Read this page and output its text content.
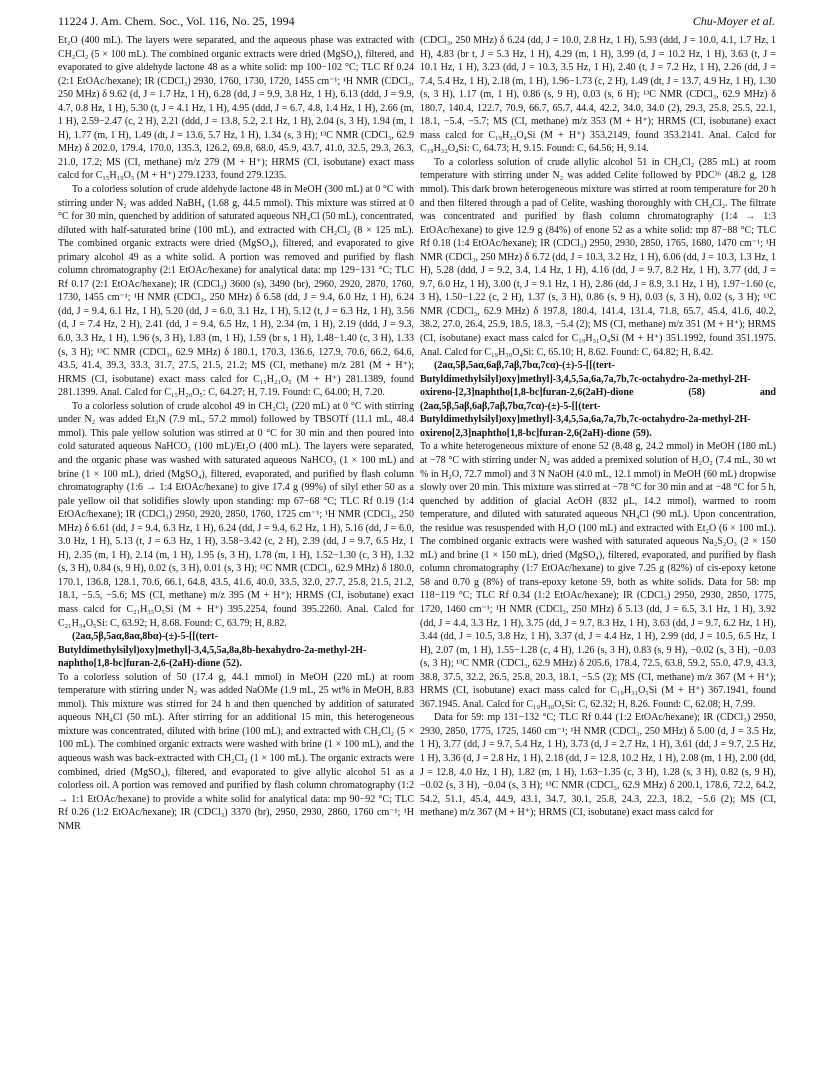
11224 J. Am. Chem. Soc., Vol. 116, No. 25, 1994	Chu-Moyer et al.

Et₂O (400 mL). The layers were separated, and the aqueous phase was extracted with CH₂Cl₂ (5 × 100 mL). The combined organic extracts were dried (MgSO₄), filtered, and evaporated to give aldehyde lactone 48 as a white solid: mp 100−102 °C; TLC Rf 0.24 (2:1 EtOAc/hexane); IR (CDCl₃) 2930, 1760, 1730, 1720, 1455 cm⁻¹; ¹H NMR (CDCl₃, 250 MHz) δ 9.62 (d, J = 1.7 Hz, 1 H), 6.28 (dd, J = 9.9, 3.8 Hz, 1 H), 6.13 (ddd, J = 9.9, 4.7, 0.8 Hz, 1 H), 5.30 (t, J = 4.1 Hz, 1 H), 4.95 (ddd, J = 6.7, 4.8, 1.4 Hz, 1 H), 2.66 (m, 1 H), 2.59−2.47 (c, 2 H), 2.21 (ddd, J = 13.8, 5.2, 2.1 Hz, 1 H), 2.04 (s, 3 H), 1.94 (m, 1 H), 1.77 (m, 1 H), 1.49 (dt, J = 13.6, 5.7 Hz, 1 H), 1.34 (s, 3 H); ¹³C NMR (CDCl₃, 62.9 MHz) δ 202.0, 179.4, 170.0, 135.3, 126.2, 69.8, 68.0, 45.9, 43.7, 41.0, 32.5, 29.3, 26.3, 21.0, 17.2; MS (CI, methane) m/z 279 (M + H⁺); HRMS (CI, isobutane) exact mass calcd for C₁₅H₁₉O₅ (M + H⁺) 279.1233, found 279.1235.

To a colorless solution of crude aldehyde lactone 48 in MeOH (300 mL) at 0 °C with stirring under N₂ was added NaBH₄ (1.68 g, 44.5 mmol). This mixture was stirred at 0 °C for 30 min, quenched by addition of saturated aqueous NH₄Cl (50 mL), concentrated, diluted with half-saturated brine (100 mL), and extracted with CH₂Cl₂ (8 × 125 mL). The combined organic extracts were dried (MgSO₄), filtered, and evaporated to give primary alcohol 49 as a white solid. A portion was removed and purified by flash column chromatography (2:1 EtOAc/hexane) for analytical data: mp 129−131 °C; TLC Rf 0.17 (2:1 EtOAc/hexane); IR (CDCl₃) 3600 (s), 3490 (br), 2960, 2920, 2870, 1760, 1730, 1455 cm⁻¹; ¹H NMR (CDCl₃, 250 MHz) δ 6.58 (dd, J = 9.4, 6.0 Hz, 1 H), 6.24 (dd, J = 9.4, 6.1 Hz, 1 H), 5.20 (dd, J = 6.0, 3.1 Hz, 1 H), 5.12 (t, J = 6.3 Hz, 1 H), 3.56 (d, J = 7.4 Hz, 2 H), 2.41 (dd, J = 9.4, 6.5 Hz, 1 H), 2.34 (m, 1 H), 2.19 (ddd, J = 9.3, 6.0, 3.3 Hz, 1 H), 1.96 (s, 3 H), 1.83 (m, 1 H), 1.59 (br s, 1 H), 1.48−1.40 (c, 3 H), 1.33 (s, 3 H); ¹³C NMR (CDCl₃, 62.9 MHz) δ 180.1, 170.3, 136.6, 127.9, 70.6, 66.2, 64.6, 43.5, 41.4, 39.3, 33.3, 31.7, 27.5, 21.5, 21.2; MS (CI, methane) m/z 281 (M + H⁺); HRMS (CI, isobutane) exact mass calcd for C₁₅H₂₁O₅ (M + H⁺) 281.1389, found 281.1399. Anal. Calcd for C₁₅H₂₀O₅: C, 64.27; H, 7.19. Found: C, 64.00; H, 7.20.

To a colorless solution of crude alcohol 49 in CH₂Cl₂ (220 mL) at 0 °C with stirring under N₂ was added Et₃N (7.9 mL, 57.2 mmol) followed by TBSOTf (11.1 mL, 48.4 mmol). This pale yellow solution was stirred at 0 °C for 30 min and then poured into cold saturated aqueous NaHCO₃ (100 mL)/Et₂O (400 mL). The layers were separated, and the organic phase was washed with saturated aqueous NaHCO₃ (1 × 100 mL) and brine (1 × 100 mL), dried (MgSO₄), filtered, evaporated, and purified by flash column chromatography (1:6 → 1:4 EtOAc/hexane) to give 17.4 g (99%) of silyl ether 50 as a pale yellow oil that solidifies slowly upon standing: mp 67−68 °C; TLC Rf 0.19 (1:4 EtOAc/hexane); IR (CDCl₃) 2950, 2920, 2850, 1760, 1725 cm⁻¹; ¹H NMR (CDCl₃, 250 MHz) δ 6.61 (dd, J = 9.4, 6.3 Hz, 1 H), 6.24 (dd, J = 9.4, 6.2 Hz, 1 H), 5.16 (dd, J = 6.0, 3.0 Hz, 1 H), 5.13 (t, J = 6.3 Hz, 1 H), 3.58−3.42 (c, 2 H), 2.39 (dd, J = 9.7, 6.5 Hz, 1 H), 2.35 (m, 1 H), 2.14 (m, 1 H), 1.95 (s, 3 H), 1.78 (m, 1 H), 1.52−1.30 (c, 3 H), 1.32 (s, 3 H), 0.84 (s, 9 H), 0.02 (s, 3 H), 0.01 (s, 3 H); ¹³C NMR (CDCl₃, 62.9 MHz) δ 180.0, 170.1, 136.8, 128.1, 70.6, 66.1, 64.8, 43.5, 41.6, 40.0, 33.5, 32.0, 27.7, 25.8, 21.5, 21.2, 18.1, −5.5, −5.6; MS (CI, methane) m/z 395 (M + H⁺); HRMS (CI, isobutane) exact mass calcd for C₂₁H₃₅O₅Si (M + H⁺) 395.2254, found 395.2260. Anal. Calcd for C₂₁H₃₄O₅Si: C, 63.92; H, 8.68. Found: C, 63.79; H, 8.82.

(2aα,5β,5aα,8aα,8bα)-(±)-5-[[(tert-Butyldimethylsilyl)oxy]methyl]-3,4,5,5a,8a,8b-hexahydro-2a-methyl-2H-naphtho[1,8-bc]furan-2,6-(2aH)-dione (52).

To a colorless solution of 50 (17.4 g, 44.1 mmol) in MeOH (220 mL) at room temperature with stirring under N₂ was added NaOMe (1.9 mL, 25 wt% in MeOH, 8.83 mmol). This mixture was stirred for 24 h and then quenched by addition of saturated aqueous NH₄Cl (50 mL). After stirring for an additional 15 min, this heterogeneous mixture was concentrated, diluted with brine (100 mL), and extracted with CH₂Cl₂ (5 × 100 mL). The combined organic extracts were washed with brine (1 × 100 mL), and the aqueous wash was back-extracted with CH₂Cl₂ (1 × 100 mL). The organic extracts were combined, dried (MgSO₄), filtered, and evaporated to give allylic alcohol 51 as a colorless oil. A portion was removed and purified by flash column chromatography (1:2 → 1:1 EtOAc/hexane) to provide a white solid for analytical data: mp 90−92 °C; TLC Rf 0.26 (1:2 EtOAc/hexane); IR (CDCl₃) 3370 (br), 2950, 2930, 2860, 1760 cm⁻¹; ¹H NMR

(CDCl₃, 250 MHz) δ 6.24 (dd, J = 10.0, 2.8 Hz, 1 H), 5.93 (ddd, J = 10.0, 4.1, 1.7 Hz, 1 H), 4.83 (br t, J = 5.3 Hz, 1 H), 4.29 (m, 1 H), 3.99 (d, J = 10.2 Hz, 1 H), 3.63 (t, J = 10.1 Hz, 1 H), 3.23 (dd, J = 10.3, 3.5 Hz, 1 H), 2.40 (t, J = 7.2 Hz, 1 H), 2.26 (dd, J = 7.4, 5.4 Hz, 1 H), 2.18 (m, 1 H), 1.96−1.73 (c, 2 H), 1.49 (dt, J = 13.7, 4.9 Hz, 1 H), 1.30 (s, 3 H), 1.17 (m, 1 H), 0.86 (s, 9 H), 0.03 (s, 6 H); ¹³C NMR (CDCl₃, 62.9 MHz) δ 180.7, 140.4, 122.7, 70.9, 66.7, 65.7, 44.4, 42.2, 34.0, 34.0 (2), 29.3, 25.8, 25.5, 22.1, 18.1, −5.4, −5.7; MS (CI, methane) m/z 353 (M + H⁺); HRMS (CI, isobutane) exact mass calcd for C₁₉H₃₃O₄Si (M + H⁺) 353.2149, found 353.2141. Anal. Calcd for C₁₉H₃₂O₄Si: C, 64.73; H, 9.15. Found: C, 64.56; H, 9.14.

To a colorless solution of crude allylic alcohol 51 in CH₂Cl₂ (285 mL) at room temperature with stirring under N₂ was added Celite followed by PDC³⁶ (48.2 g, 128 mmol). This dark brown heterogeneous mixture was stirred at room temperature for 20 h and then filtered through a pad of Celite, washing thoroughly with CH₂Cl₂. The filtrate was concentrated and purified by flash column chromatography (1:4 → 1:3 EtOAc/hexane) to give 12.9 g (84%) of enone 52 as a white solid: mp 87−88 °C; TLC Rf 0.18 (1:4 EtOAc/hexane); IR (CDCl₃) 2950, 2930, 2850, 1765, 1680, 1470 cm⁻¹; ¹H NMR (CDCl₃, 250 MHz) δ 6.72 (dd, J = 10.3, 3.2 Hz, 1 H), 6.06 (dd, J = 10.3, 1.3 Hz, 1 H), 5.28 (ddd, J = 9.2, 3.4, 1.4 Hz, 1 H), 4.16 (dd, J = 9.7, 8.2 Hz, 1 H), 3.77 (dd, J = 9.7, 6.0 Hz, 1 H), 3.00 (t, J = 9.1 Hz, 1 H), 2.86 (dd, J = 8.9, 3.1 Hz, 1 H), 1.97−1.60 (c, 3 H), 1.50−1.22 (c, 2 H), 1.37 (s, 3 H), 0.86 (s, 9 H), 0.03 (s, 3 H), 0.02 (s, 3 H); ¹³C NMR (CDCl₃, 62.9 MHz) δ 197.8, 180.4, 141.4, 131.4, 71.8, 65.7, 45.4, 41.6, 40.2, 38.2, 27.0, 26.4, 25.9, 18.5, 18.3, −5.4 (2); MS (CI, methane) m/z 351 (M + H⁺); HRMS (CI, isobutane) exact mass calcd for C₁₉H₃₁O₄Si (M + H⁺) 351.1992, found 351.1975. Anal. Calcd for C₁₉H₃₀O₄Si: C, 65.10; H, 8.62. Found: C, 64.82; H, 8.42.

(2aα,5β,5aα,6aβ,7aβ,7bα,7cα)-(±)-5-[[(tert-Butyldimethylsilyl)oxy]methyl]-3,4,5,5a,6a,7a,7b,7c-octahydro-2a-methyl-2H-oxireno-[2,3]naphtho[1,8-bc]furan-2,6(2aH)-dione (58) and (2aα,5β,5aβ,6aβ,7aβ,7bα,7cα)-(±)-5-[[(tert-Butyldimethylsilyl)oxy]methyl]-3,4,5,5a,6a,7a,7b,7c-octahydro-2a-methyl-2H-oxireno[2,3]naphtho[1,8-bc]furan-2,6(2aH)-dione (59).

To a white heterogeneous mixture of enone 52 (8.48 g, 24.2 mmol) in MeOH (180 mL) at −78 °C with stirring under N₂ was added a premixed solution of H₂O₂ (7.4 mL, 30 wt % in H₂O, 72.7 mmol) and 3 N NaOH (4.0 mL, 12.1 mmol) in MeOH (60 mL) dropwise slowly over 20 min. This mixture was stirred at −78 °C for 30 min and at −48 °C for 5 h, quenched by addition of glacial AcOH (832 μL, 14.2 mmol), warmed to room temperature, and diluted with saturated aqueous NH₄Cl (90 mL). Upon concentration, the residue was resuspended with H₂O (100 mL) and extracted with Et₂O (6 × 100 mL). The combined organic extracts were washed with saturated aqueous Na₂S₂O₃ (2 × 150 mL) and brine (1 × 150 mL), dried (MgSO₄), filtered, evaporated, and purified by flash column chromatography (1:7 EtOAc/hexane) to give 7.25 g (82%) of cis-epoxy ketone 58 and 0.70 g (8%) of trans-epoxy ketone 59, both as white solids. Data for 58: mp 118−119 °C; TLC Rf 0.34 (1:2 EtOAc/hexane); IR (CDCl₃) 2950, 2930, 2850, 1775, 1720, 1460 cm⁻¹; ¹H NMR (CDCl₃, 250 MHz) δ 5.13 (dd, J = 6.5, 3.1 Hz, 1 H), 3.92 (dd, J = 4.4, 3.3 Hz, 1 H), 3.75 (dd, J = 9.7, 8.3 Hz, 1 H), 3.63 (dd, J = 9.7, 6.2 Hz, 1 H), 3.44 (dd, J = 10.5, 3.8 Hz, 1 H), 3.37 (d, J = 4.4 Hz, 1 H), 2.99 (dd, J = 10.5, 6.5 Hz, 1 H), 2.07 (m, 1 H), 1.55−1.28 (c, 4 H), 1.26 (s, 3 H), 0.83 (s, 9 H), −0.02 (s, 3 H), −0.03 (s, 3 H); ¹³C NMR (CDCl₃, 62.9 MHz) δ 205.6, 178.4, 72.5, 63.8, 59.2, 55.0, 47.9, 43.3, 38.8, 37.5, 32.2, 26.5, 25.8, 20.3, 18.1, −5.5 (2); MS (CI, methane) m/z 367 (M + H⁺); HRMS (CI, isobutane) exact mass calcd for C₁₉H₃₁O₅Si (M + H⁺) 367.1941, found 367.1945. Anal. Calcd for C₁₉H₃₀O₅Si: C, 62.32; H, 8.26. Found: C, 62.08; H, 7.99.

Data for 59: mp 131−132 °C; TLC Rf 0.44 (1:2 EtOAc/hexane); IR (CDCl₃) 2950, 2930, 2850, 1775, 1725, 1460 cm⁻¹; ¹H NMR (CDCl₃, 250 MHz) δ 5.00 (d, J = 3.5 Hz, 1 H), 3.77 (dd, J = 9.7, 5.4 Hz, 1 H), 3.73 (d, J = 2.7 Hz, 1 H), 3.61 (dd, J = 9.7, 2.5 Hz, 1 H), 3.36 (d, J = 2.8 Hz, 1 H), 2.18 (dd, J = 12.8, 10.2 Hz, 1 H), 2.08 (m, 1 H), 2.00 (dd, J = 12.8, 4.0 Hz, 1 H), 1.82 (m, 1 H), 1.63−1.35 (c, 3 H), 1.28 (s, 3 H), 0.82 (s, 9 H), −0.02 (s, 3 H), −0.04 (s, 3 H); ¹³C NMR (CDCl₃, 62.9 MHz) δ 200.1, 178.6, 72.2, 64.2, 54.2, 51.1, 45.4, 44.9, 43.1, 34.7, 30.1, 25.8, 24.3, 22.3, 18.2, −5.6 (2); MS (CI, methane) m/z 367 (M + H⁺); HRMS (CI, isobutane) exact mass calcd for
